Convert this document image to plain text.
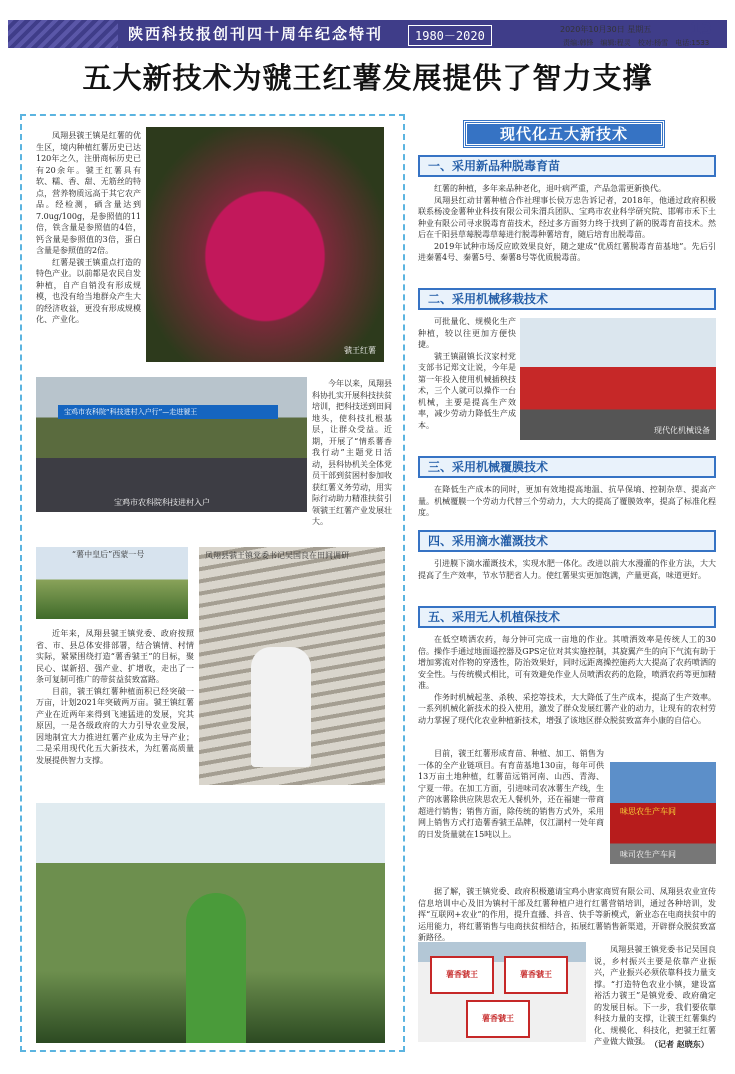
陕西科技报创刊四十周年纪念特刊	1980－2020	2020年10月30日 星期五 13
责编:韩锋　编辑:程灵　校对:杨雪　电话:1533
五大新技术为虢王红薯发展提供了智力支撑

凤翔县虢王镇是红薯的优生区，境内种植红薯历史已达120年之久，注册商标历史已有20余年。虢王红薯具有软、糯、香、甜、无筋丝的特点，营养物质远高于其它农产品。经检测，硒含量达到7.0ug/100g，是参照值的11倍，铁含量是参照值的4倍，钙含量是参照值的3倍，蛋白含量是参照值的2倍。

红薯是虢王镇重点打造的特色产业。以前都是农民自发种植，自产自销没有形成规模，也没有给当地群众产生大的经济收益，更没有形成规模化、产业化。

虢王红薯
宝鸡市农科院“科技进村入户行”—走进虢王
宝鸡市农科院科技进村入户
今年以来，凤翔县科协扎实开展科技扶贫培训，把科技送到田间地头，使科技扎根基层，让群众受益。近期，开展了“情系薯香我行动”主题党日活动，县科协机关全体党员干部到贫困村参加收获红薯义务劳动，用实际行动助力精准扶贫引领虢王红薯产业发展壮大。
“薯中皇后”西蒙一号	凤翔县虢王镇党委书记吴国良在田间调研

近年来，凤翔县虢王镇党委、政府按照省、市、县总体安排部署，结合镇情、村情实际，紧紧围绕打造“薯香虢王”的目标，聚民心、谋新招、强产业、扩增收，走出了一条可复制可推广的带贫益贫致富路。

目前，虢王镇红薯种植面积已经突破一万亩，计划2021年突破两万亩。虢王镇红薯产业在近两年来得到飞速猛进的发展，究其原因，一是各级政府的大力引导农业发展，因地制宜大力推进红薯产业成为主导产业；二是采用现代化五大新技术，为红薯高质量发展提供智力支撑。

现代化五大新技术
一、采用新品种脱毒育苗

红薯的种植，多年来品种老化，退叶病严重，产品急需更新换代。

凤翔县红动甘薯种植合作社理事长侯万忠告诉记者，2018年，他通过政府积极联系杨凌金薯种业科技有限公司朱渭兵团队、宝鸡市农业科学研究院、邯郸市禾下土种业有限公司寻求脱毒育苗技术，经过多方面努力终于找到了新的脱毒育苗技术。然后在千阳县草莓脱毒草莓进行脱毒种薯培育，随后培育出脱毒苗。

2019年试种市场反应欧效果良好，随之建成“优质红薯脱毒育苗基地”。先后引进秦薯4号、秦薯5号、秦薯8号等优质脱毒苗。

二、采用机械移栽技术

可批量化、规模化生产种植，较以往更加方便快捷。

虢王镇副镇长汶家村党支部书记郑文让说，今年是第一年投入使用机械插秧技术，三个人就可以操作一台机械，主要是提高生产效率，减少劳动力降低生产成本。

现代化机械设备
三、采用机械覆膜技术
在降低生产成本的同时，更加有效地提高地温、抗旱保墒、控制杂草、提高产量。机械覆膜一个劳动力代替三个劳动力，大大的提高了覆膜效率，提高了标准化程度。
四、采用滴水灌溉技术
引进膜下滴水灌溉技术，实现水肥一体化。改进以前大水漫灌的作业方法，大大提高了生产效率，节水节肥省人力。使红薯果实更加饱满，产量更高，味道更好。
五、采用无人机植保技术

在低空喷洒农药，每分钟可完成一亩地的作业。其喷洒效率是传统人工的30倍。操作手通过地面遥控器及GPS定位对其实施控制，其旋翼产生的向下气流有助于增加雾流对作物的穿透性，防治效果好，同时远距离操控施药大大提高了农药喷洒的安全性。与传统模式相比，可有效避免作业人员喷洒农药的危险，喷洒农药等更加精准。

作务时机械起垄、杀秧、采挖等技术，大大降低了生产成本，提高了生产效率。一系列机械化新技术的投入使用，激发了群众发展红薯产业的动力，让现有的农村劳动力掌握了现代化农业种植新技术，增强了该地区群众脱贫致富奔小康的自信心。

目前，虢王红薯形成育苗、种植、加工、销售为一体的全产业链项目。有育苗基地130亩，每年可供13万亩土地种植，红薯苗远销河南、山西、青海、宁夏一带。在加工方面，引进味司农冰薯生产线，生产的冰薯除供应陕思农无人餐机外，还在福建一带商超进行销售；销售方面，除传统的销售方式外，采用网上销售方式打造薯香虢王品牌，仅江湖村一处年商的日发货量就在15吨以上。
味思农生产车间
味司农生产车间
据了解，虢王镇党委、政府积极邀请宝鸡小唐家商贸有限公司、凤翔县农业宣传信息培训中心及旧为镇村干部及红薯种植户进行红薯营销培训，通过各种培训，发挥“互联网+农业”的作用，提升直播、抖音、快手等新模式，新业态在电商扶贫中的运用能力，将红薯销售与电商扶贫相结合，拓展红薯销售新渠道，开辟群众脱贫致富新路径。
薯香虢王	薯香虢王
薯香虢王
凤翔县虢王镇党委书记吴国良说，乡村振兴主要是依靠产业振兴，产业振兴必须依靠科技力量支撑。“打造特色农业小镇，建设富裕活力虢王”是镇党委、政府确定的发展目标。下一步，我们要依靠科技力量的支撑，让虢王红薯集约化、规模化、科技化，把虢王红薯产业做大做强。 （记者 赵晓东）
